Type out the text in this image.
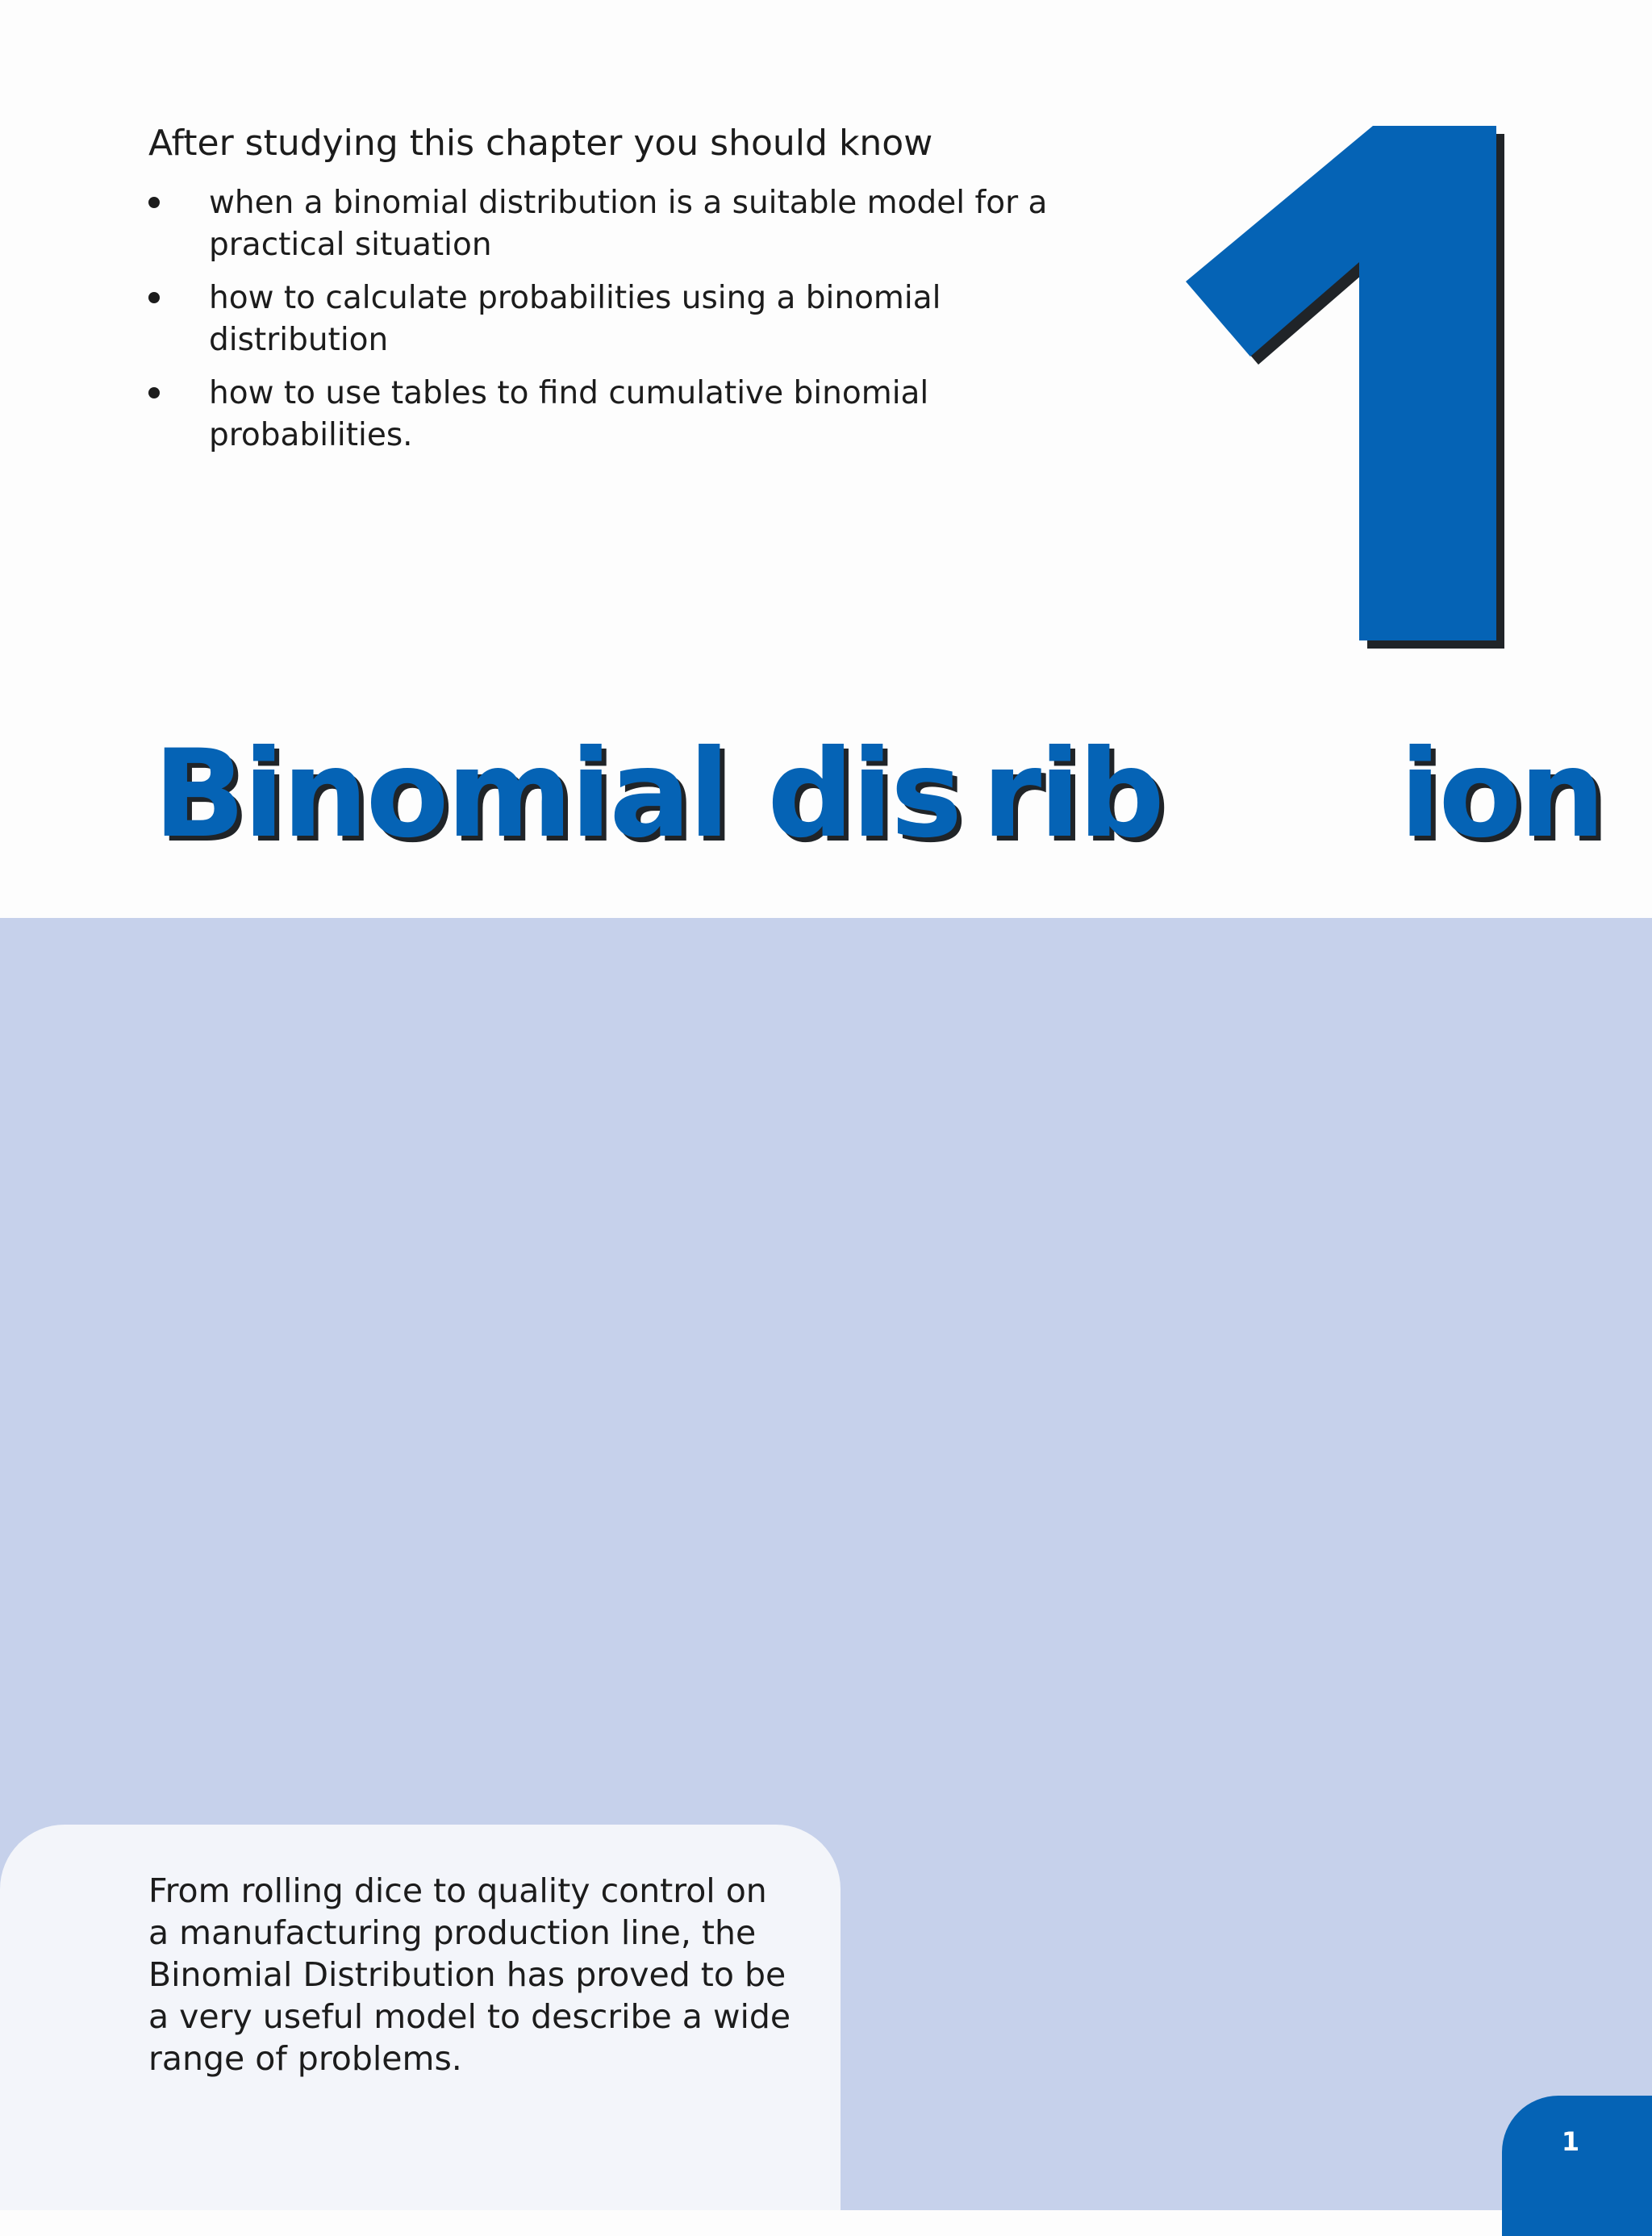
After studying this chapter you should know

when a binomial distribution is a suitable model for a practical situation
how to calculate probabilities using a binomial distribution
how to use tables to find cumulative binomial probabilities.
Binomial dis rib  ion

From rolling dice to quality control on a manufacturing production line, the Binomial Distribution has proved to be a very useful model to describe a wide range of problems.

1
